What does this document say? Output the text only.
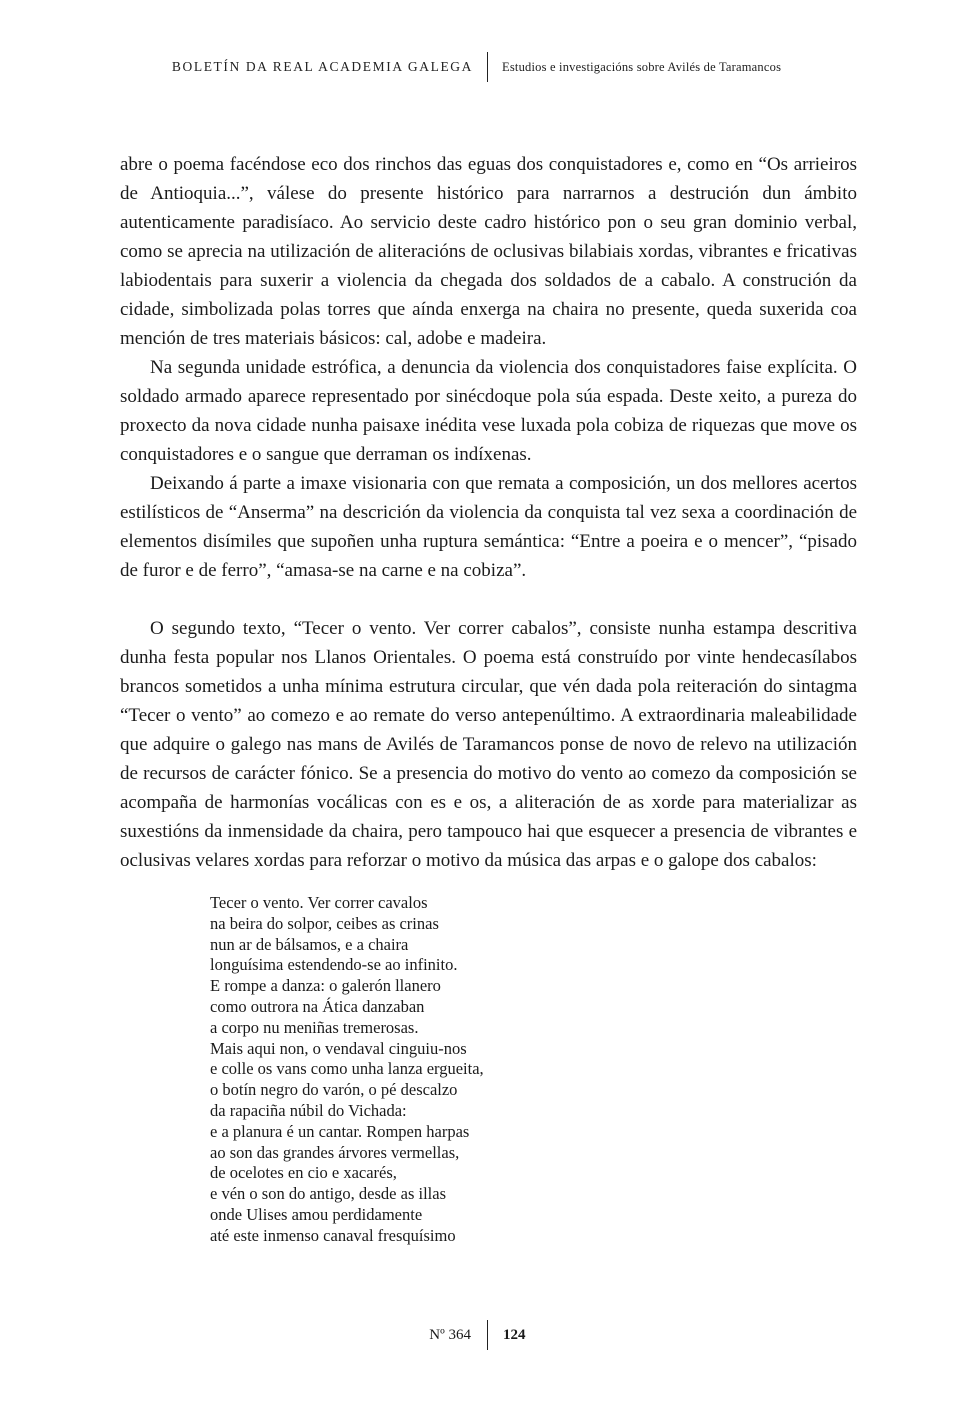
BOLETÍN DA REAL ACADEMIA GALEGA	Estudios e investigacións sobre Avilés de Taramancos

abre o poema facéndose eco dos rinchos das eguas dos conquistadores e, como en “Os arrieiros de Antioquia...”, válese do presente histórico para narrarnos a destrución dun ámbito autenticamente paradisíaco. Ao servicio deste cadro histórico pon o seu gran dominio verbal, como se aprecia na utilización de aliteracións de oclusivas bilabiais xordas, vibrantes e fricativas labiodentais para suxerir a violencia da chegada dos soldados de a cabalo. A construción da cidade, simbolizada polas torres que aínda enxerga na chaira no presente, queda suxerida coa mención de tres materiais básicos: cal, adobe e madeira.

Na segunda unidade estrófica, a denuncia da violencia dos conquistadores faise explícita. O soldado armado aparece representado por sinécdoque pola súa espada. Deste xeito, a pureza do proxecto da nova cidade nunha paisaxe inédita vese luxada pola cobiza de riquezas que move os conquistadores e o sangue que derraman os indíxenas.

Deixando á parte a imaxe visionaria con que remata a composición, un dos mellores acertos estilísticos de “Anserma” na descrición da violencia da conquista tal vez sexa a coordinación de elementos disímiles que supoñen unha ruptura semántica: “Entre a poeira e o mencer”, “pisado de furor e de ferro”, “amasa-se na carne e na cobiza”.

O segundo texto, “Tecer o vento. Ver correr cabalos”, consiste nunha estampa descritiva dunha festa popular nos Llanos Orientales. O poema está construído por vinte hendecasílabos brancos sometidos a unha mínima estrutura circular, que vén dada pola reiteración do sintagma “Tecer o vento” ao comezo e ao remate do verso antepenúltimo. A extraordinaria maleabilidade que adquire o galego nas mans de Avilés de Taramancos ponse de novo de relevo na utilización de recursos de carácter fónico. Se a presencia do motivo do vento ao comezo da composición se acompaña de harmonías vocálicas con es e os, a aliteración de as xorde para materializar as suxestións da inmensidade da chaira, pero tampouco hai que esquecer a presencia de vibrantes e oclusivas velares xordas para reforzar o motivo da música das arpas e o galope dos cabalos:

Tecer o vento. Ver correr cavalos
na beira do solpor, ceibes as crinas
nun ar de bálsamos, e a chaira
longuísima estendendo-se ao infinito.
E rompe a danza: o galerón llanero
como outrora na Ática danzaban
a corpo nu meniñas tremerosas.
Mais aqui non, o vendaval cinguiu-nos
e colle os vans como unha lanza ergueita,
o botín negro do varón, o pé descalzo
da rapaciña núbil do Vichada:
e a planura é un cantar. Rompen harpas
ao son das grandes árvores vermellas,
de ocelotes en cio e xacarés,
e vén o son do antigo, desde as illas
onde Ulises amou perdidamente
até este inmenso canaval fresquísimo
Nº 364	124
